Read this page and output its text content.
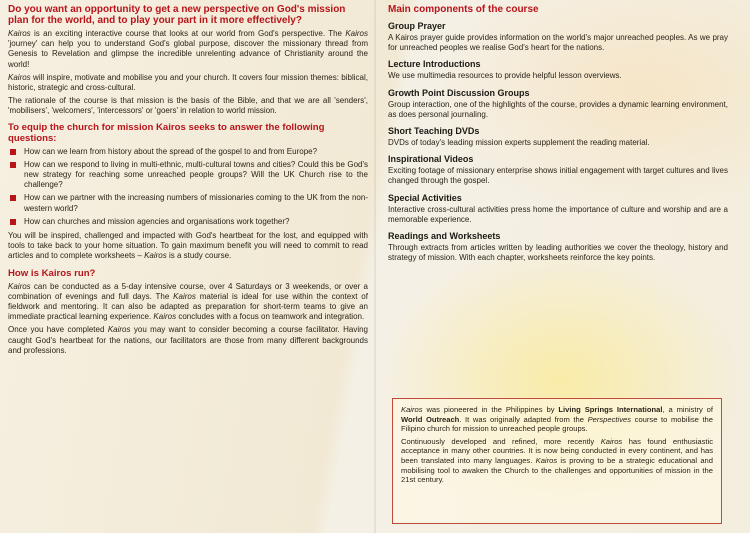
Do you want an opportunity to get a new perspective on God's mission plan for the world, and to play your part in it more effectively?

Kairos is an exciting interactive course that looks at our world from God's perspective. The Kairos 'journey' can help you to understand God's global purpose, discover the missionary thread from Genesis to Revelation and glimpse the incredible unrelenting advance of Christianity around the world!

Kairos will inspire, motivate and mobilise you and your church. It covers four mission themes: biblical, historic, strategic and cross-cultural.

The rationale of the course is that mission is the basis of the Bible, and that we are all 'senders', 'mobilisers', 'welcomers', 'intercessors' or 'goers' in relation to world mission.

To equip the church for mission Kairos seeks to answer the following questions:
How can we learn from history about the spread of the gospel to and from Europe?
How can we respond to living in multi-ethnic, multi-cultural towns and cities? Could this be God's new strategy for reaching some unreached people groups? Will the UK Church rise to the challenge?
How can we partner with the increasing numbers of missionaries coming to the UK from the non-western world?
How can churches and mission agencies and organisations work together?

You will be inspired, challenged and impacted with God's heartbeat for the lost, and equipped with tools to take back to your home situation. To gain maximum benefit you will need to commit to read articles and to complete worksheets – Kairos is a study course.

How is Kairos run?

Kairos can be conducted as a 5-day intensive course, over 4 Saturdays or 3 weekends, or over a combination of evenings and full days. The Kairos material is ideal for use within the context of fieldwork and mentoring. It can also be adapted as preparation for short-term teams to give an immediate practical learning experience. Kairos concludes with a focus on teamwork and integration.

Once you have completed Kairos you may want to consider becoming a course facilitator. Having caught God's heartbeat for the nations, our facilitators are those from many different backgrounds and professions.

Main components of the course
Group Prayer

A Kairos prayer guide provides information on the world's major unreached peoples. As we pray for unreached peoples we realise God's heart for the nations.

Lecture Introductions

We use multimedia resources to provide helpful lesson overviews.

Growth Point Discussion Groups

Group interaction, one of the highlights of the course, provides a dynamic learning environment, as does personal journaling.

Short Teaching DVDs

DVDs of today's leading mission experts supplement the reading material.

Inspirational Videos

Exciting footage of missionary enterprise shows initial engagement with target cultures and lives changed through the gospel.

Special Activities

Interactive cross-cultural activities press home the importance of culture and worship and are a memorable experience.

Readings and Worksheets

Through extracts from articles written by leading authorities we cover the theology, history and strategy of mission. With each chapter, worksheets reinforce the key points.

Kairos was pioneered in the Philippines by Living Springs International, a ministry of World Outreach. It was originally adapted from the Perspectives course to mobilise the Filipino church for mission to unreached people groups.

Continuously developed and refined, more recently Kairos has found enthusiastic acceptance in many other countries. It is now being conducted in every continent, and has been translated into many languages. Kairos is proving to be a strategic educational and mobilising tool to awaken the Church to the challenges and opportunities of mission in the 21st century.
